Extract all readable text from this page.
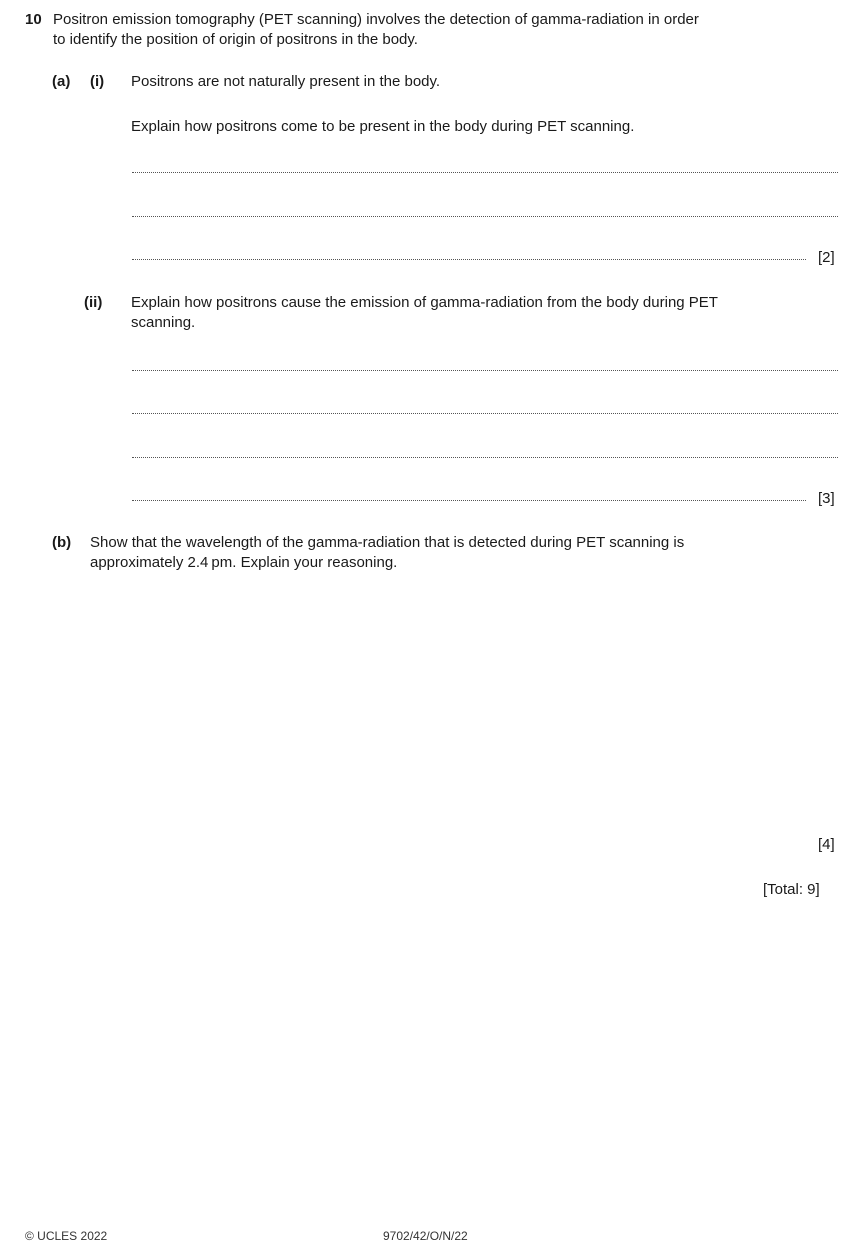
10 Positron emission tomography (PET scanning) involves the detection of gamma-radiation in order
to identify the position of origin of positrons in the body.
(a) (i) Positrons are not naturally present in the body.
Explain how positrons come to be present in the body during PET scanning.
[2]
(ii) Explain how positrons cause the emission of gamma-radiation from the body during PET
scanning.
[3]
(b) Show that the wavelength of the gamma-radiation that is detected during PET scanning is
approximately 2.4 pm. Explain your reasoning.
[4]
[Total: 9]
© UCLES 2022	9702/42/O/N/22
